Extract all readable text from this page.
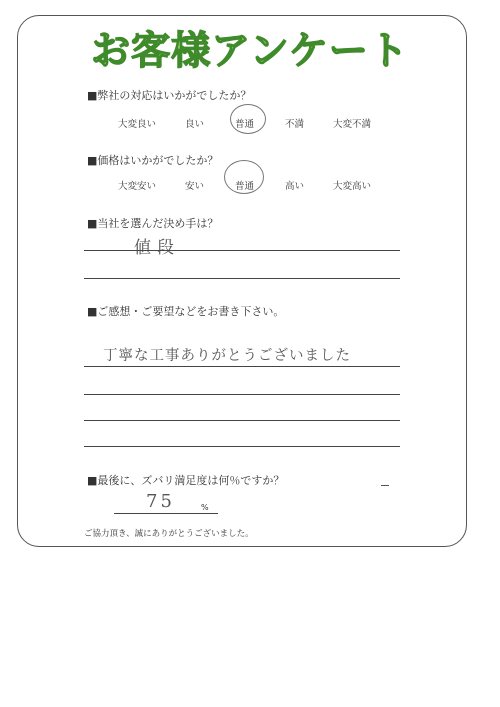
お客様アンケート
■弊社の対応はいかがでしたか？
大変良い	良い	普通	不満	大変不満
■価格はいかがでしたか？
大変安い	安い	普通	高い	大変高い
■当社を選んだ決め手は？
値段
■ご感想・ご要望などをお書き下さい。
丁寧な工事ありがとうございました
■最後に、ズバリ満足度は何％ですか？
75	%
ご協力頂き、誠にありがとうございました。
